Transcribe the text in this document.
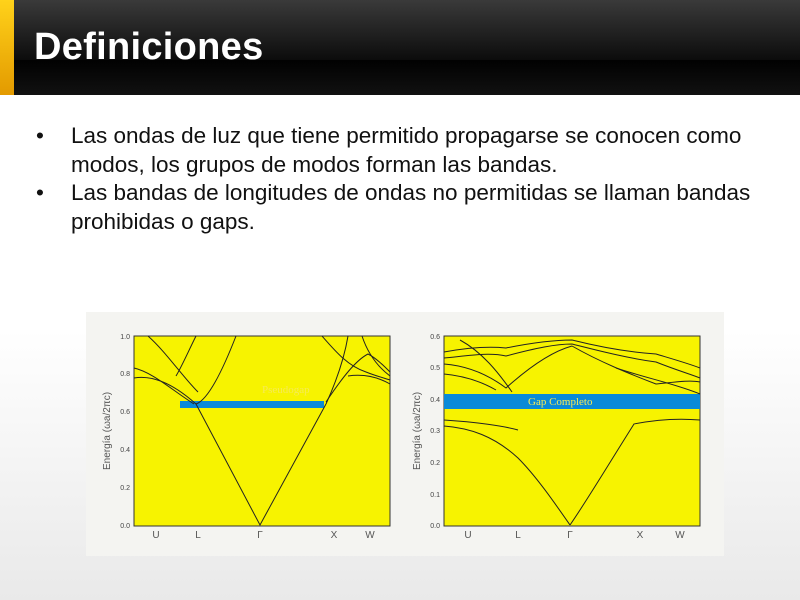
Definiciones
• Las ondas de luz que tiene permitido propagarse se conocen como modos, los grupos de modos forman las bandas.
• Las bandas de longitudes de ondas no permitidas se llaman bandas prohibidas o gaps.
Pseudogap
0.0
0.2
0.4
0.6
0.8
1.0
U	L	Γ	X	W
Energía (ωa/2πc)	Gap Completo
0.0
0.1
0.2
0.3
0.4
0.5
0.6
U	L	Γ	X	W
Energía (ωa/2πc)
